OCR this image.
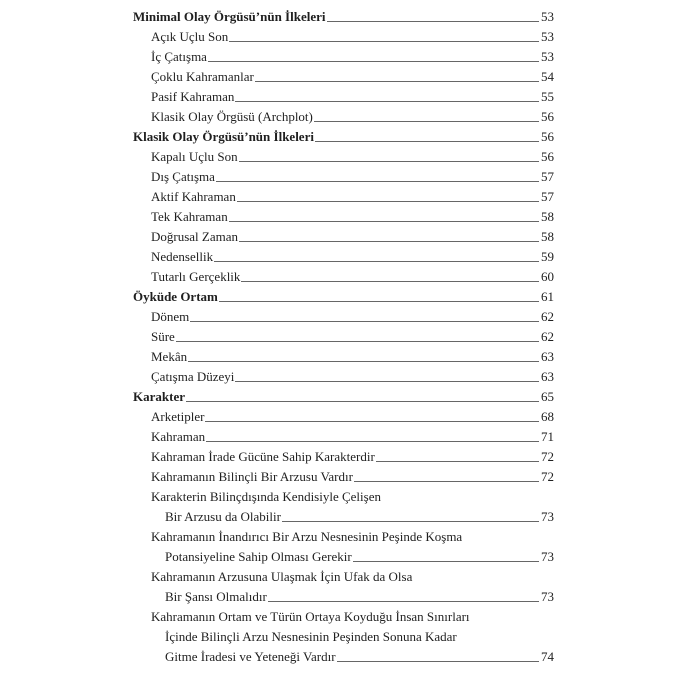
Minimal Olay Örgüsü’nün İlkeleri	53
Açık Uçlu Son	53
İç Çatışma	53
Çoklu Kahramanlar	54
Pasif Kahraman	55
Klasik Olay Örgüsü (Archplot)	56
Klasik Olay Örgüsü’nün İlkeleri	56
Kapalı Uçlu Son	56
Dış Çatışma	57
Aktif Kahraman	57
Tek Kahraman	58
Doğrusal Zaman	58
Nedensellik	59
Tutarlı Gerçeklik	60
Öyküde Ortam	61
Dönem	62
Süre	62
Mekân	63
Çatışma Düzeyi	63
Karakter	65
Arketipler	68
Kahraman	71
Kahraman İrade Gücüne Sahip Karakterdir	72
Kahramanın Bilinçli Bir Arzusu Vardır	72
Karakterin Bilinçdışında Kendisiyle Çelişen
Bir Arzusu da Olabilir	73
Kahramanın İnandırıcı Bir Arzu Nesnesinin Peşinde Koşma
Potansiyeline Sahip Olması Gerekir	73
Kahramanın Arzusuna Ulaşmak İçin Ufak da Olsa
Bir Şansı Olmalıdır	73
Kahramanın Ortam ve Türün Ortaya Koyduğu İnsan Sınırları
İçinde Bilinçli Arzu Nesnesinin Peşinden Sonuna Kadar
Gitme İradesi ve Yeteneği Vardır	74
